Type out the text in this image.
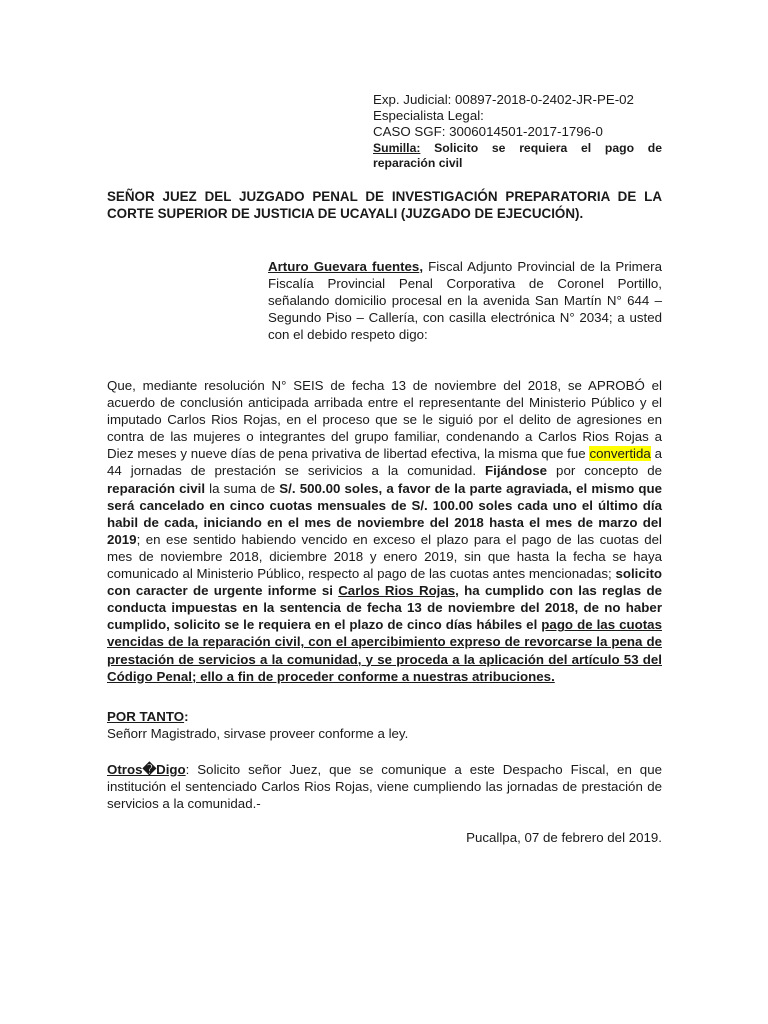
Exp. Judicial: 00897-2018-0-2402-JR-PE-02
Especialista Legal:
CASO SGF: 3006014501-2017-1796-0
Sumilla: Solicito se requiera el pago de reparación civil
SEÑOR JUEZ DEL JUZGADO PENAL DE INVESTIGACIÓN PREPARATORIA DE LA CORTE SUPERIOR DE JUSTICIA DE UCAYALI (JUZGADO DE EJECUCIÓN).
Arturo Guevara fuentes, Fiscal Adjunto Provincial de la Primera Fiscalía Provincial Penal Corporativa de Coronel Portillo, señalando domicilio procesal en la avenida San Martín N° 644 – Segundo Piso – Callería, con casilla electrónica N° 2034; a usted con el debido respeto digo:
Que, mediante resolución N° SEIS de fecha 13 de noviembre del 2018, se APROBÓ el acuerdo de conclusión anticipada arribada entre el representante del Ministerio Público y el imputado Carlos Rios Rojas, en el proceso que se le siguió por el delito de agresiones en contra de las mujeres o integrantes del grupo familiar, condenando a Carlos Rios Rojas a Diez meses y nueve días de pena privativa de libertad efectiva, la misma que fue convertida a 44 jornadas de prestación se serivicios a la comunidad. Fijándose por concepto de reparación civil la suma de S/. 500.00 soles, a favor de la parte agraviada, el mismo que será cancelado en cinco cuotas mensuales de S/. 100.00 soles cada uno el último día habil de cada, iniciando en el mes de noviembre del 2018 hasta el mes de marzo del 2019; en ese sentido habiendo vencido en exceso el plazo para el pago de las cuotas del mes de noviembre 2018, diciembre 2018 y enero 2019, sin que hasta la fecha se haya comunicado al Ministerio Público, respecto al pago de las cuotas antes mencionadas; solicito con caracter de urgente informe si Carlos Rios Rojas, ha cumplido con las reglas de conducta impuestas en la sentencia de fecha 13 de noviembre del 2018, de no haber cumplido, solicito se le requiera en el plazo de cinco días hábiles el pago de las cuotas vencidas de la reparación civil, con el apercibimiento expreso de revorcarse la pena de prestación de servicios a la comunidad, y se proceda a la aplicación del artículo 53 del Código Penal; ello a fin de proceder conforme a nuestras atribuciones.
POR TANTO:
Señorr Magistrado, sirvase proveer conforme a ley.
Otros�Digo: Solicito señor Juez, que se comunique a este Despacho Fiscal, en que institución el sentenciado Carlos Rios Rojas, viene cumpliendo las jornadas de prestación de servicios a la comunidad.-
Pucallpa, 07 de febrero del 2019.
